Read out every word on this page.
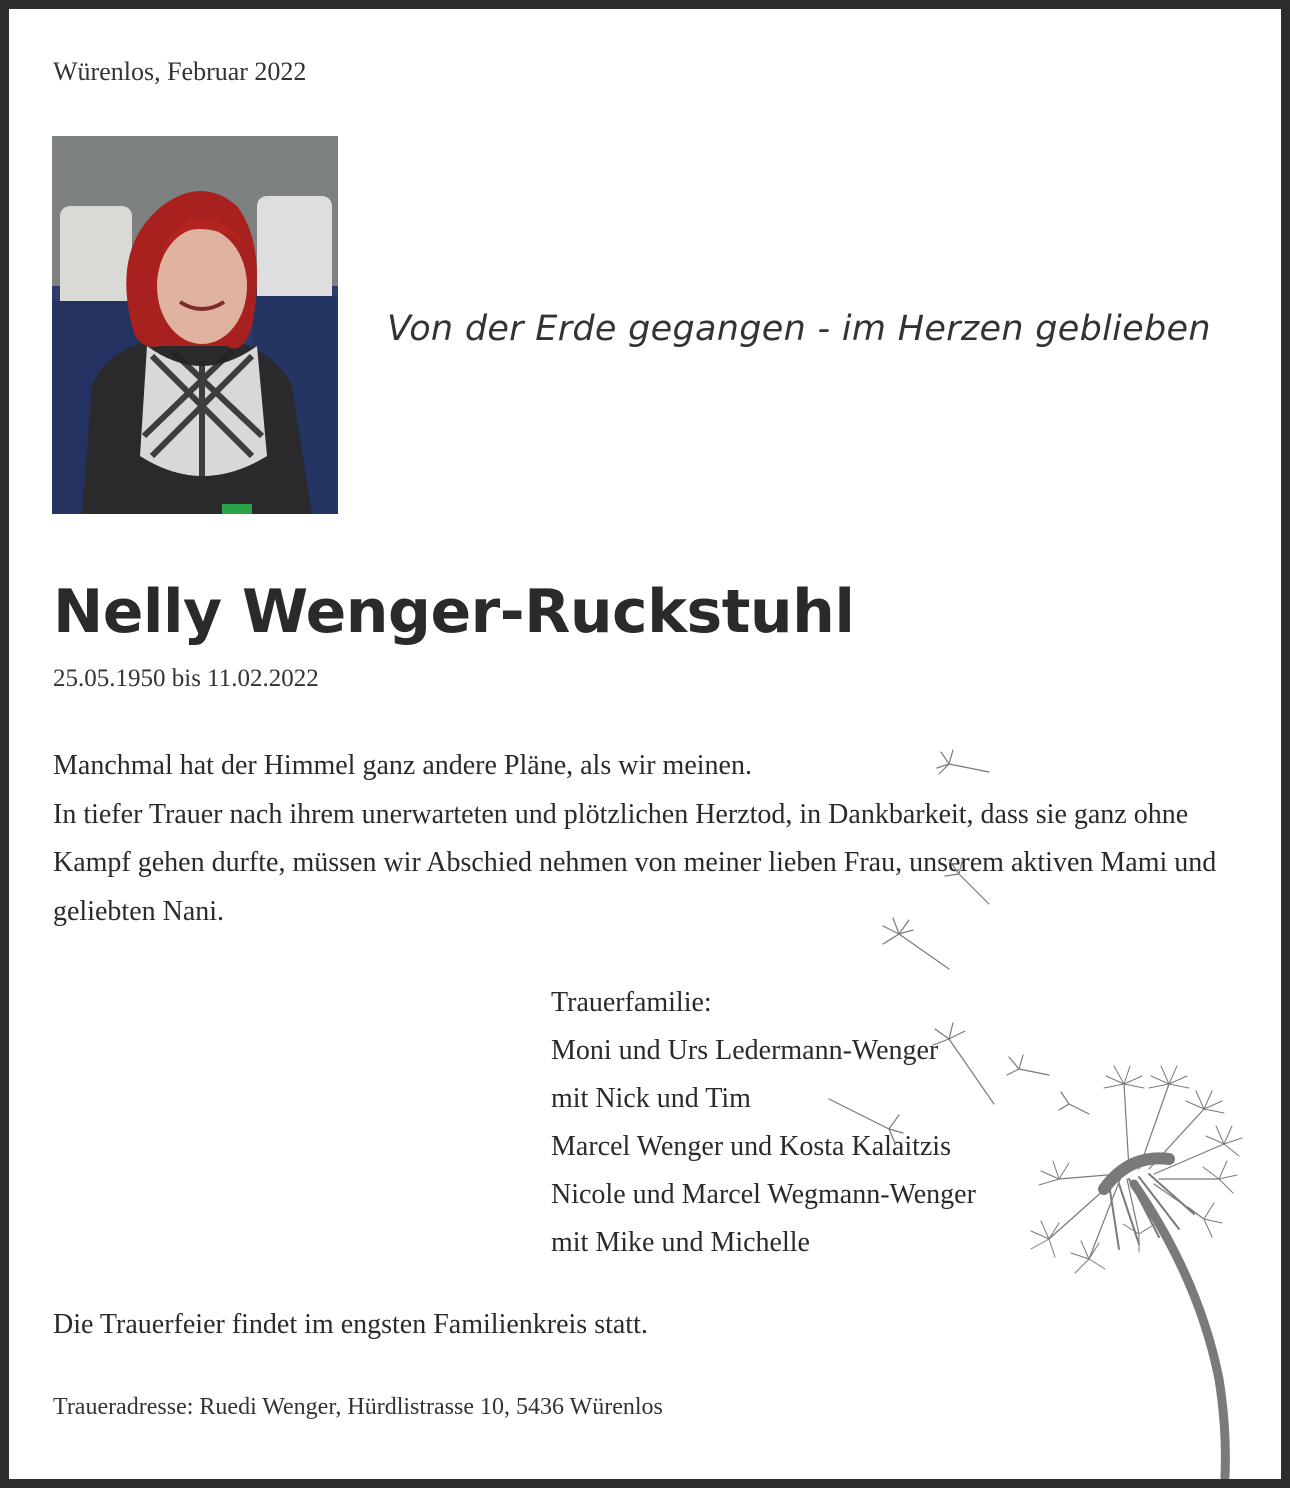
Würenlos, Februar 2022
Von der Erde gegangen - im Herzen geblieben
Nelly Wenger-Ruckstuhl
25.05.1950 bis 11.02.2022

Manchmal hat der Himmel ganz andere Pläne, als wir meinen.

In tiefer Trauer nach ihrem unerwarteten und plötzlichen Herztod, in Dankbarkeit, dass sie ganz ohne Kampf gehen durfte, müssen wir Abschied nehmen von meiner lieben Frau, unserem aktiven Mami und geliebten Nani.

Trauerfamilie:
Moni und Urs Ledermann-Wenger
mit Nick und Tim
Marcel Wenger und Kosta Kalaitzis
Nicole und Marcel Wegmann-Wenger
mit Mike und Michelle
Die Trauerfeier findet im engsten Familienkreis statt.
Traueradresse: Ruedi Wenger, Hürdlistrasse 10, 5436 Würenlos
